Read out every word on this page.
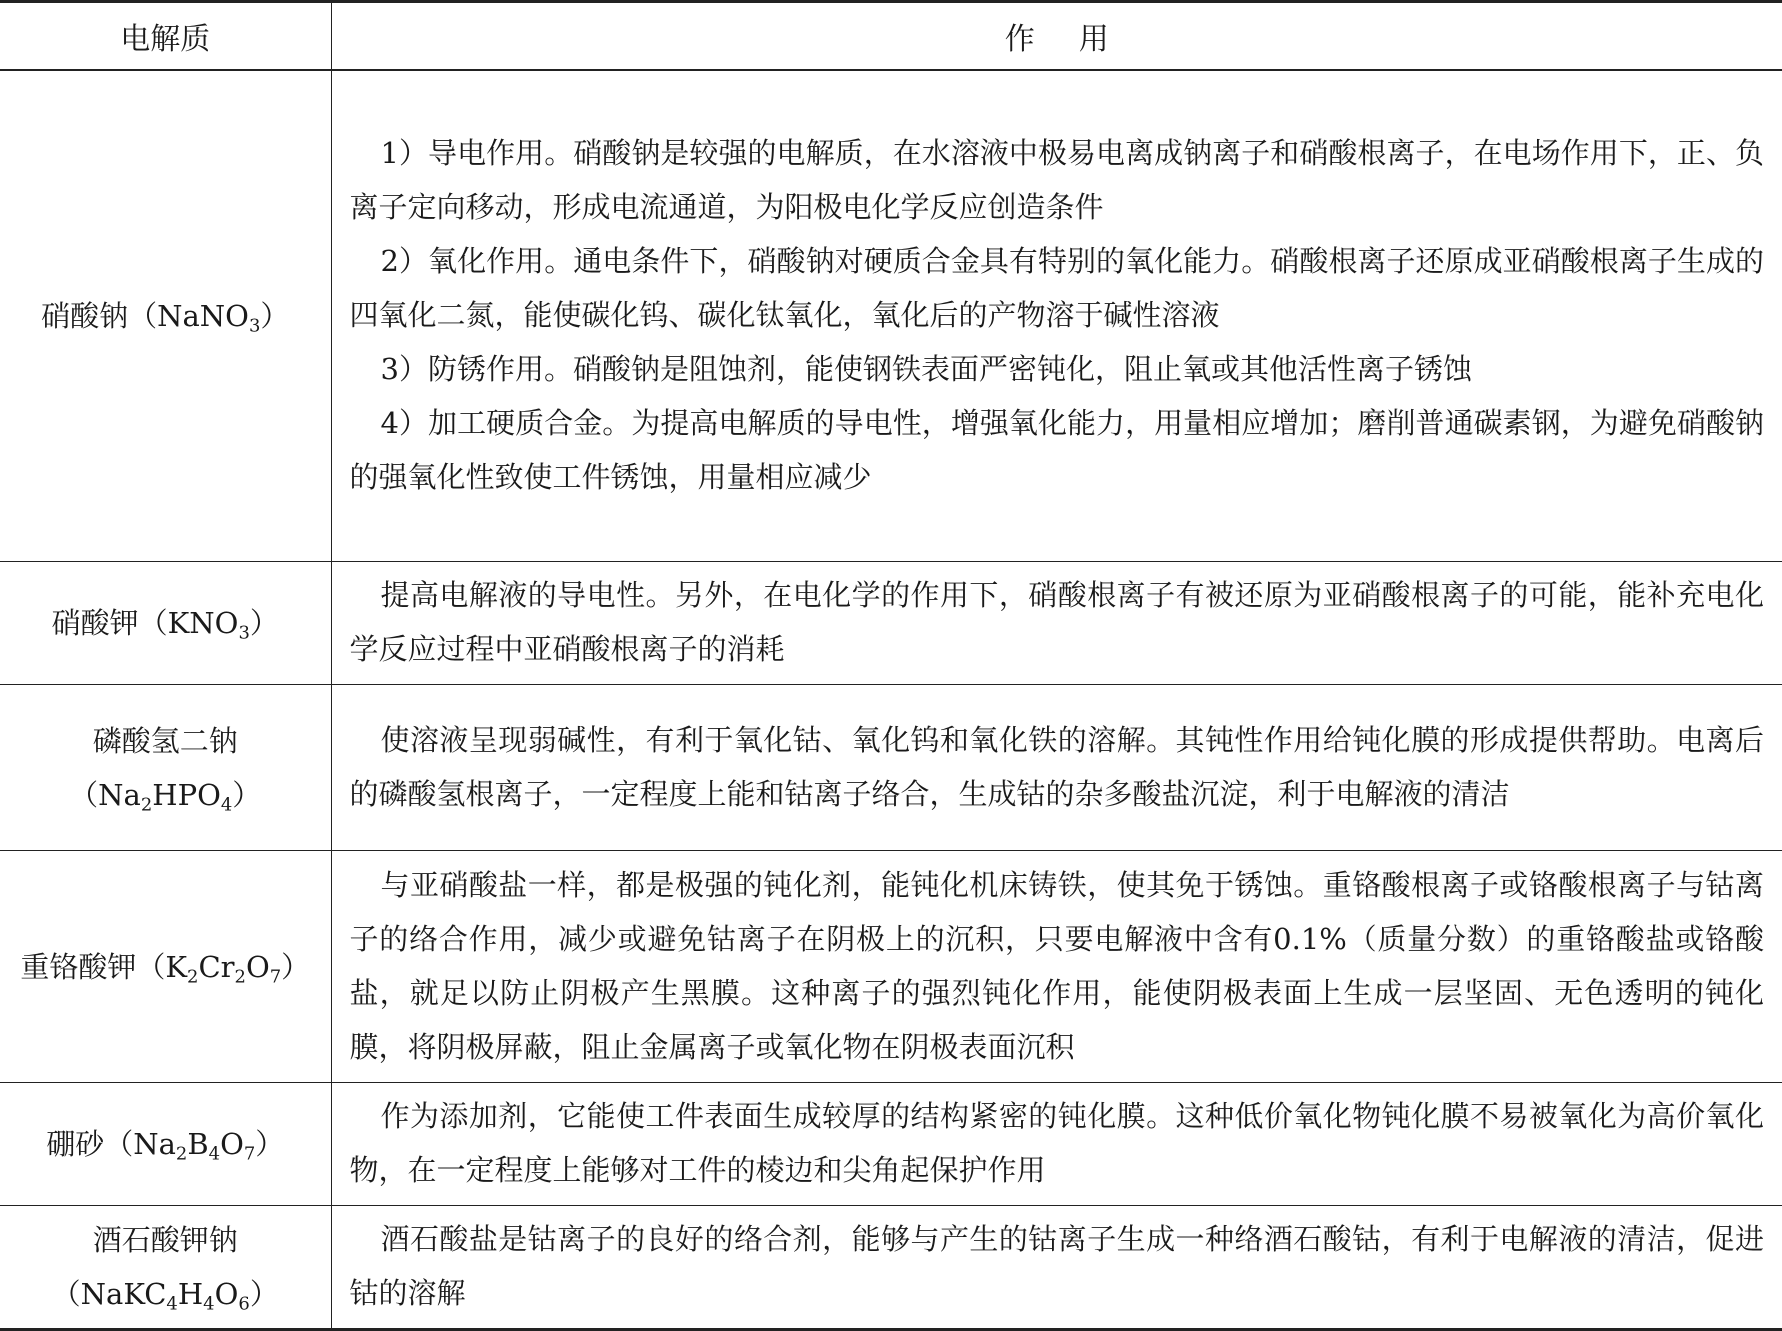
电解质	作用
硝酸钠（NaNO$_3$）	1）导电作用。硝酸钠是较强的电解质，在水溶液中极易电离成钠离子和硝酸根离子，在电场作用下，正、负离子定向移动，形成电流通道，为阳极电化学反应创造条件
2）氧化作用。通电条件下，硝酸钠对硬质合金具有特别的氧化能力。硝酸根离子还原成亚硝酸根离子生成的四氧化二氮，能使碳化钨、碳化钛氧化，氧化后的产物溶于碱性溶液
3）防锈作用。硝酸钠是阻蚀剂，能使钢铁表面严密钝化，阻止氧或其他活性离子锈蚀
4）加工硬质合金。为提高电解质的导电性，增强氧化能力，用量相应增加；磨削普通碳素钢，为避免硝酸钠的强氧化性致使工件锈蚀，用量相应减少

硝酸钾$(KNO_3)$	提高电解液的导电性。另外，在电化学的作用下，硝酸根离子有被还原为亚硝酸根离子的可能，能补充电化学反应过程中亚硝酸根离子的消耗

磷酸氢二钠
$(Na_2HPO_4)$	使溶液呈现弱碱性，有利于氧化钴、氧化钨和氧化铁的溶解。其钝性作用给钝化膜的形成提供帮助。电离后的磷酸氢根离子，一定程度上能和钴离子络合，生成钴的杂多酸盐沉淀，利于电解液的清洁

重铬酸钾$(K_2Cr_2O_7)$	与亚硝酸盐一样，都是极强的钝化剂，能钝化机床铸铁，使其免于锈蚀。重铬酸根离子或铬酸根离子与钴离子的络合作用，减少或避免钴离子在阴极上的沉积，只要电解液中含有0.1%（质量分数）的重铬酸盐或铬酸盐，就足以防止阴极产生黑膜。这种离子的强烈钝化作用，能使阴极表面上生成一层坚固、无色透明的钝化膜，将阴极屏蔽，阻止金属离子或氧化物在阴极表面沉积

硼砂$(Na_2B_4O_7)$	作为添加剂，它能使工件表面生成较厚的结构紧密的钝化膜。这种低价氧化物钝化膜不易被氧化为高价氧化物，在一定程度上能够对工件的棱边和尖角起保护作用

酒石酸钾钠
$(NaKC_4H_4O_6)$	酒石酸盐是钴离子的良好的络合剂，能够与产生的钴离子生成一种络酒石酸钴，有利于电解液的清洁，促进钴的溶解
